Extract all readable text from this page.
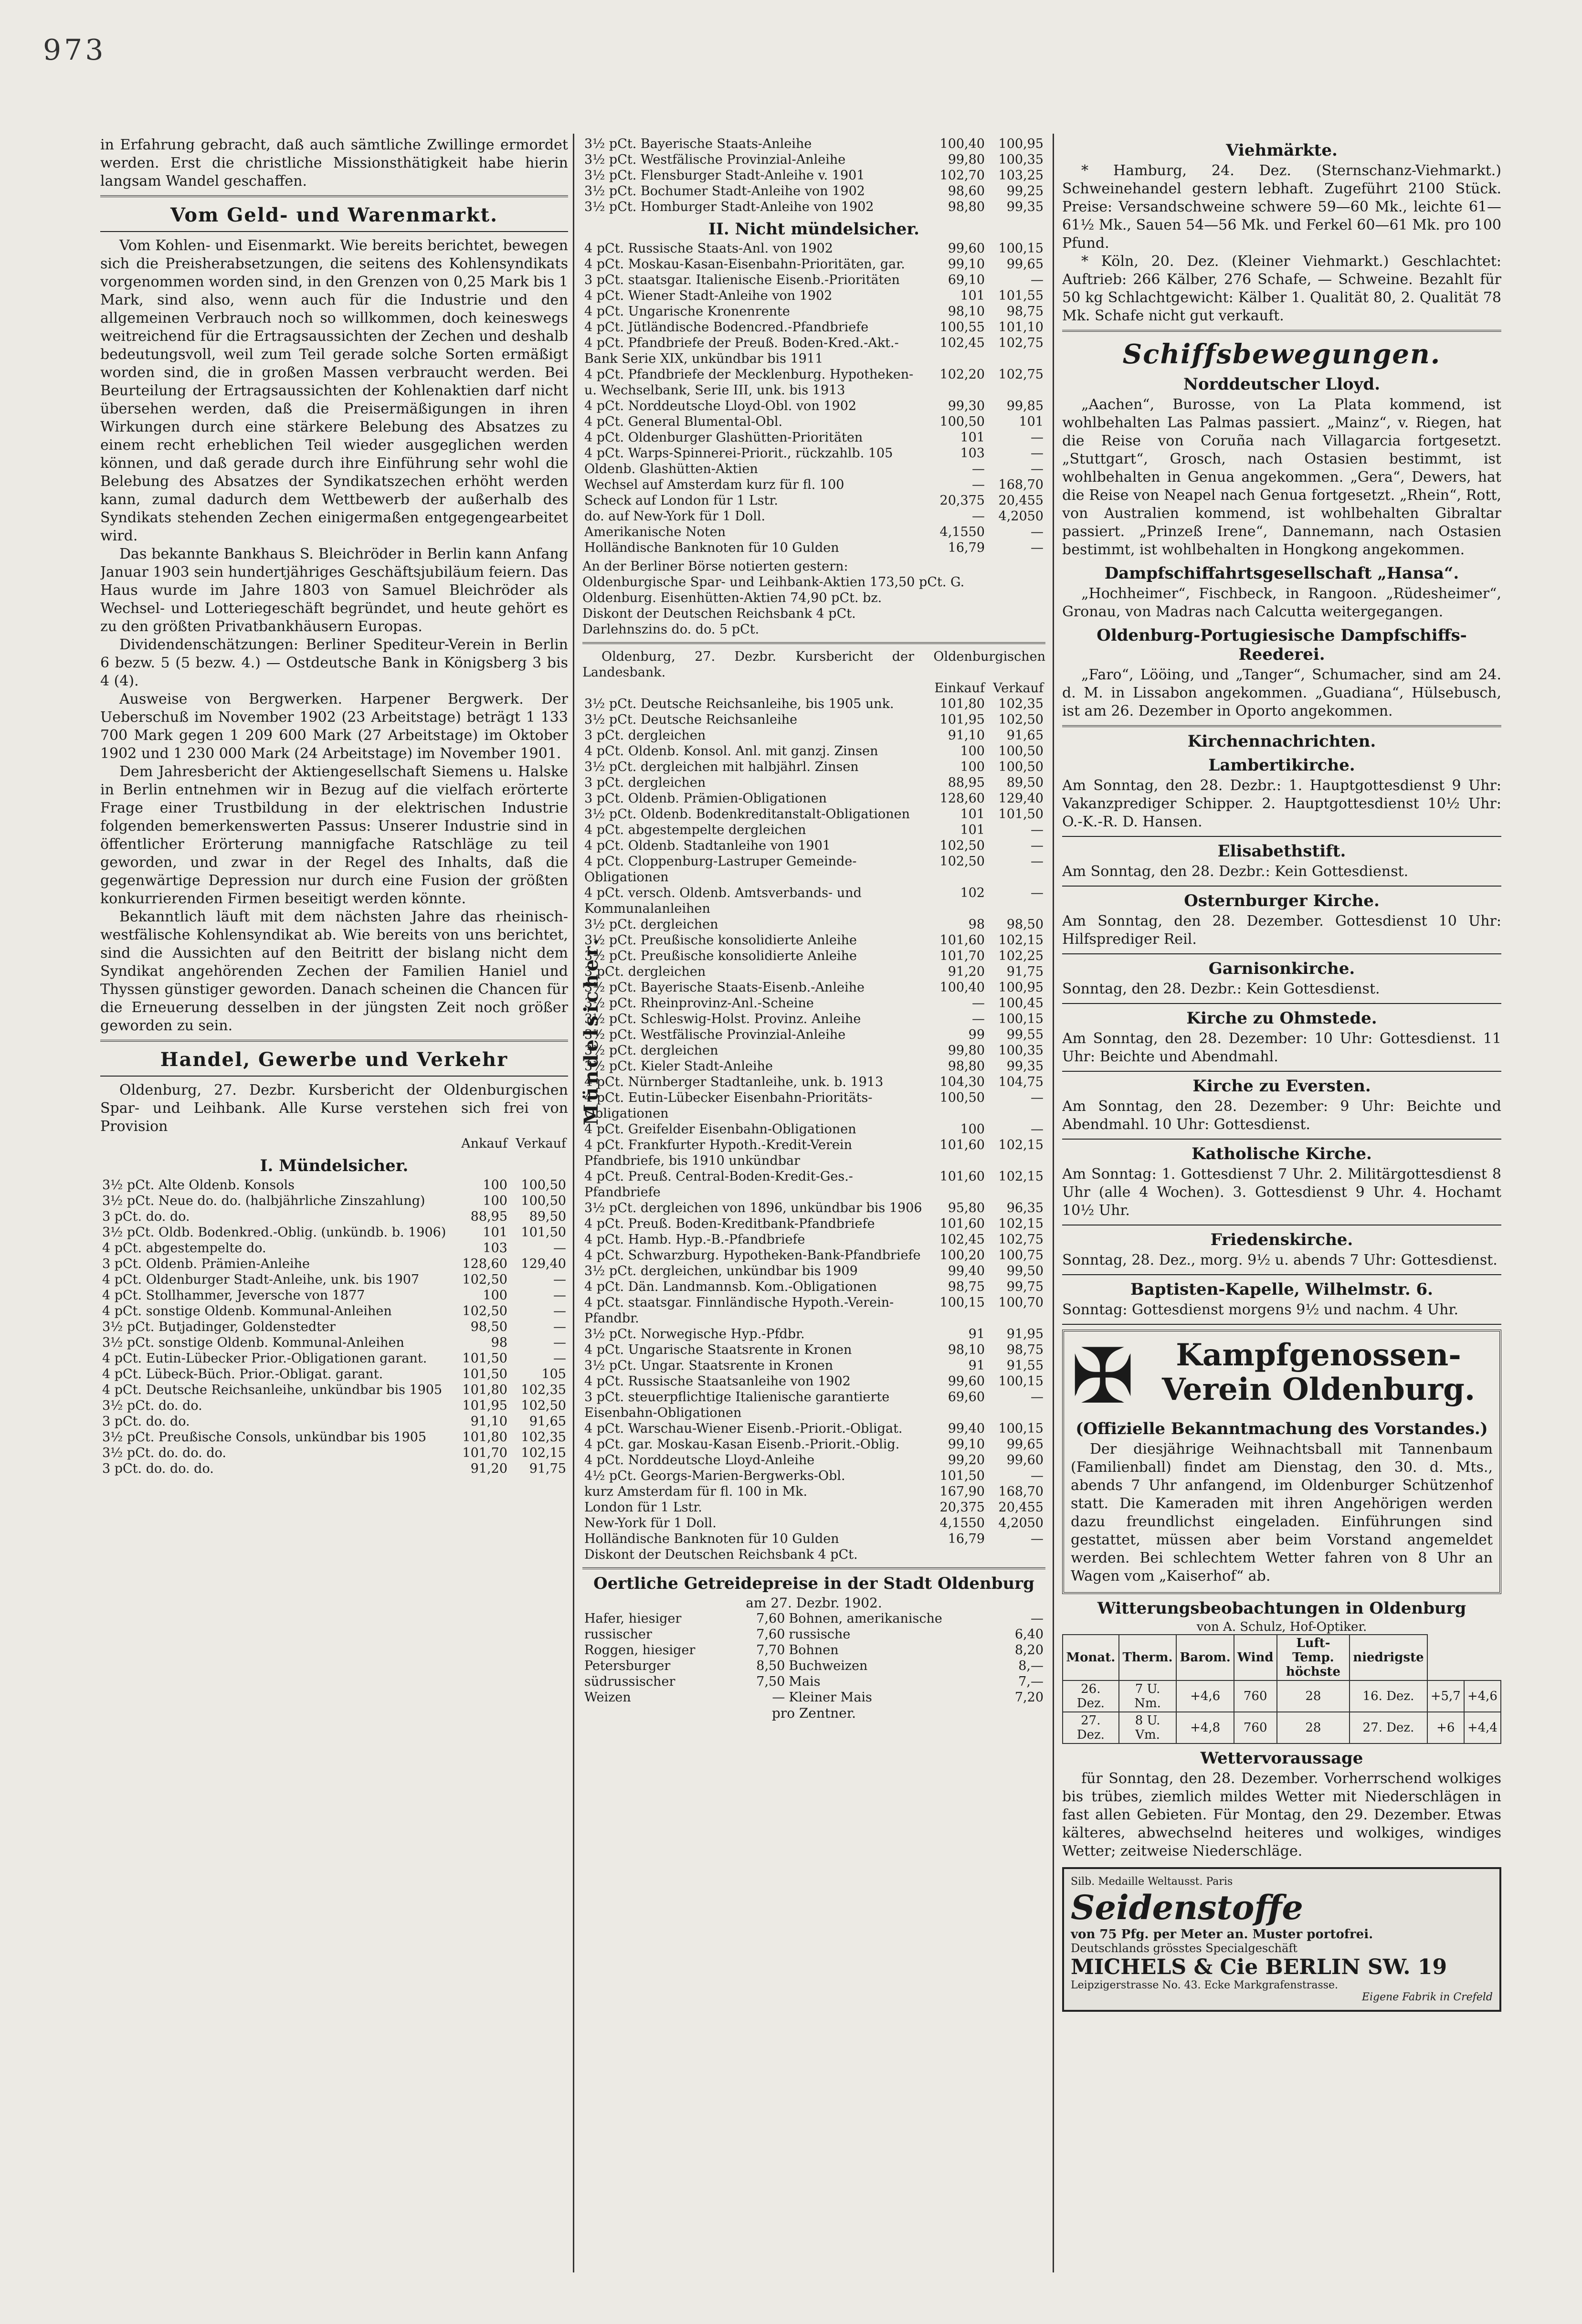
973
Mündelsicher.

in Erfahrung gebracht, daß auch sämtliche Zwillinge ermordet werden. Erst die christliche Missionsthätigkeit habe hierin langsam Wandel geschaffen.

Vom Geld- und Warenmarkt.

Vom Kohlen- und Eisenmarkt. Wie bereits berichtet, bewegen sich die Preisherabsetzungen, die seitens des Kohlensyndikats vorgenommen worden sind, in den Grenzen von 0,25 Mark bis 1 Mark, sind also, wenn auch für die Industrie und den allgemeinen Verbrauch noch so willkommen, doch keineswegs weitreichend für die Ertragsaussichten der Zechen und deshalb bedeutungsvoll, weil zum Teil gerade solche Sorten ermäßigt worden sind, die in großen Massen verbraucht werden. Bei Beurteilung der Ertragsaussichten der Kohlenaktien darf nicht übersehen werden, daß die Preisermäßigungen in ihren Wirkungen durch eine stärkere Belebung des Absatzes zu einem recht erheblichen Teil wieder ausgeglichen werden können, und daß gerade durch ihre Einführung sehr wohl die Belebung des Absatzes der Syndikatszechen erhöht werden kann, zumal dadurch dem Wettbewerb der außerhalb des Syndikats stehenden Zechen einigermaßen entgegengearbeitet wird.

Das bekannte Bankhaus S. Bleichröder in Berlin kann Anfang Januar 1903 sein hundertjähriges Geschäftsjubiläum feiern. Das Haus wurde im Jahre 1803 von Samuel Bleichröder als Wechsel- und Lotteriegeschäft begründet, und heute gehört es zu den größten Privatbankhäusern Europas.

Dividendenschätzungen: Berliner Spediteur-Verein in Berlin 6 bezw. 5 (5 bezw. 4.) — Ostdeutsche Bank in Königsberg 3 bis 4 (4).

Ausweise von Bergwerken. Harpener Bergwerk. Der Ueberschuß im November 1902 (23 Arbeitstage) beträgt 1 133 700 Mark gegen 1 209 600 Mark (27 Arbeitstage) im Oktober 1902 und 1 230 000 Mark (24 Arbeitstage) im November 1901.

Dem Jahresbericht der Aktiengesellschaft Siemens u. Halske in Berlin entnehmen wir in Bezug auf die vielfach erörterte Frage einer Trustbildung in der elektrischen Industrie folgenden bemerkenswerten Passus: Unserer Industrie sind in öffentlicher Erörterung mannigfache Ratschläge zu teil geworden, und zwar in der Regel des Inhalts, daß die gegenwärtige Depression nur durch eine Fusion der größten konkurrierenden Firmen beseitigt werden könnte.

Bekanntlich läuft mit dem nächsten Jahre das rheinisch-westfälische Kohlensyndikat ab. Wie bereits von uns berichtet, sind die Aussichten auf den Beitritt der bislang nicht dem Syndikat angehörenden Zechen der Familien Haniel und Thyssen günstiger geworden. Danach scheinen die Chancen für die Erneuerung desselben in der jüngsten Zeit noch größer geworden zu sein.

Handel, Gewerbe und Verkehr

Oldenburg, 27. Dezbr. Kursbericht der Oldenburgischen Spar- und Leihbank. Alle Kurse verstehen sich frei von Provision

	Ankauf	Verkauf
I. Mündelsicher.
3½ pCt. Alte Oldenb. Konsols	100	100,50
3½ pCt. Neue do. do. (halbjährliche Zinszahlung)	100	100,50
3 pCt. do. do.	88,95	89,50
3½ pCt. Oldb. Bodenkred.-Oblig. (unkündb. b. 1906)	101	101,50
4 pCt. abgestempelte do.	103	—
3 pCt. Oldenb. Prämien-Anleihe	128,60	129,40
4 pCt. Oldenburger Stadt-Anleihe, unk. bis 1907	102,50	—
4 pCt. Stollhammer, Jeversche von 1877	100	—
4 pCt. sonstige Oldenb. Kommunal-Anleihen	102,50	—
3½ pCt. Butjadinger, Goldenstedter	98,50	—
3½ pCt. sonstige Oldenb. Kommunal-Anleihen	98	—
4 pCt. Eutin-Lübecker Prior.-Obligationen garant.	101,50	—
4 pCt. Lübeck-Büch. Prior.-Obligat. garant.	101,50	105
4 pCt. Deutsche Reichsanleihe, unkündbar bis 1905	101,80	102,35
3½ pCt. do. do.	101,95	102,50
3 pCt. do. do.	91,10	91,65
3½ pCt. Preußische Consols, unkündbar bis 1905	101,80	102,35
3½ pCt. do. do. do.	101,70	102,15
3 pCt. do. do. do.	91,20	91,75
3½ pCt. Bayerische Staats-Anleihe	100,40	100,95
3½ pCt. Westfälische Provinzial-Anleihe	99,80	100,35
3½ pCt. Flensburger Stadt-Anleihe v. 1901	102,70	103,25
3½ pCt. Bochumer Stadt-Anleihe von 1902	98,60	99,25
3½ pCt. Homburger Stadt-Anleihe von 1902	98,80	99,35
II. Nicht mündelsicher.
4 pCt. Russische Staats-Anl. von 1902	99,60	100,15
4 pCt. Moskau-Kasan-Eisenbahn-Prioritäten, gar.	99,10	99,65
3 pCt. staatsgar. Italienische Eisenb.-Prioritäten	69,10	—
4 pCt. Wiener Stadt-Anleihe von 1902	101	101,55
4 pCt. Ungarische Kronenrente	98,10	98,75
4 pCt. Jütländische Bodencred.-Pfandbriefe	100,55	101,10
4 pCt. Pfandbriefe der Preuß. Boden-Kred.-Akt.-Bank Serie XIX, unkündbar bis 1911	102,45	102,75
4 pCt. Pfandbriefe der Mecklenburg. Hypotheken- u. Wechselbank, Serie III, unk. bis 1913	102,20	102,75
4 pCt. Norddeutsche Lloyd-Obl. von 1902	99,30	99,85
4 pCt. General Blumental-Obl.	100,50	101
4 pCt. Oldenburger Glashütten-Prioritäten	101	—
4 pCt. Warps-Spinnerei-Priorit., rückzahlb. 105	103	—
Oldenb. Glashütten-Aktien	—	—
Wechsel auf Amsterdam kurz für fl. 100	—	168,70
Scheck auf London für 1 Lstr.	20,375	20,455
do. auf New-York für 1 Doll.	—	4,2050
Amerikanische Noten	4,1550	—
Holländische Banknoten für 10 Gulden	16,79	—
An der Berliner Börse notierten gestern:
Oldenburgische Spar- und Leihbank-Aktien 173,50 pCt. G.
Oldenburg. Eisenhütten-Aktien 74,90 pCt. bz.
Diskont der Deutschen Reichsbank 4 pCt.
Darlehnszins do. do. 5 pCt.

Oldenburg, 27. Dezbr. Kursbericht der Oldenburgischen Landesbank.

	Einkauf	Verkauf
3½ pCt. Deutsche Reichsanleihe, bis 1905 unk.	101,80	102,35
3½ pCt. Deutsche Reichsanleihe	101,95	102,50
3 pCt. dergleichen	91,10	91,65
4 pCt. Oldenb. Konsol. Anl. mit ganzj. Zinsen	100	100,50
3½ pCt. dergleichen mit halbjährl. Zinsen	100	100,50
3 pCt. dergleichen	88,95	89,50
3 pCt. Oldenb. Prämien-Obligationen	128,60	129,40
3½ pCt. Oldenb. Bodenkreditanstalt-Obligationen	101	101,50
4 pCt. abgestempelte dergleichen	101	—
4 pCt. Oldenb. Stadtanleihe von 1901	102,50	—
4 pCt. Cloppenburg-Lastruper Gemeinde-Obligationen	102,50	—
4 pCt. versch. Oldenb. Amtsverbands- und Kommunalanleihen	102	—
3½ pCt. dergleichen	98	98,50
3½ pCt. Preußische konsolidierte Anleihe	101,60	102,15
3½ pCt. Preußische konsolidierte Anleihe	101,70	102,25
3 pCt. dergleichen	91,20	91,75
3½ pCt. Bayerische Staats-Eisenb.-Anleihe	100,40	100,95
3½ pCt. Rheinprovinz-Anl.-Scheine	—	100,45
3½ pCt. Schleswig-Holst. Provinz. Anleihe	—	100,15
3½ pCt. Westfälische Provinzial-Anleihe	99	99,55
3½ pCt. dergleichen	99,80	100,35
3½ pCt. Kieler Stadt-Anleihe	98,80	99,35
4 pCt. Nürnberger Stadtanleihe, unk. b. 1913	104,30	104,75
4 pCt. Eutin-Lübecker Eisenbahn-Prioritäts-Obligationen	100,50	—
4 pCt. Greifelder Eisenbahn-Obligationen	100	—
4 pCt. Frankfurter Hypoth.-Kredit-Verein Pfandbriefe, bis 1910 unkündbar	101,60	102,15
4 pCt. Preuß. Central-Boden-Kredit-Ges.-Pfandbriefe	101,60	102,15
3½ pCt. dergleichen von 1896, unkündbar bis 1906	95,80	96,35
4 pCt. Preuß. Boden-Kreditbank-Pfandbriefe	101,60	102,15
4 pCt. Hamb. Hyp.-B.-Pfandbriefe	102,45	102,75
4 pCt. Schwarzburg. Hypotheken-Bank-Pfandbriefe	100,20	100,75
3½ pCt. dergleichen, unkündbar bis 1909	99,40	99,50
4 pCt. Dän. Landmannsb. Kom.-Obligationen	98,75	99,75
4 pCt. staatsgar. Finnländische Hypoth.-Verein-Pfandbr.	100,15	100,70
3½ pCt. Norwegische Hyp.-Pfdbr.	91	91,95
4 pCt. Ungarische Staatsrente in Kronen	98,10	98,75
3½ pCt. Ungar. Staatsrente in Kronen	91	91,55
4 pCt. Russische Staatsanleihe von 1902	99,60	100,15
3 pCt. steuerpflichtige Italienische garantierte Eisenbahn-Obligationen	69,60	—
4 pCt. Warschau-Wiener Eisenb.-Priorit.-Obligat.	99,40	100,15
4 pCt. gar. Moskau-Kasan Eisenb.-Priorit.-Oblig.	99,10	99,65
4 pCt. Norddeutsche Lloyd-Anleihe	99,20	99,60
4½ pCt. Georgs-Marien-Bergwerks-Obl.	101,50	—
kurz Amsterdam für fl. 100 in Mk.	167,90	168,70
London für 1 Lstr.	20,375	20,455
New-York für 1 Doll.	4,1550	4,2050
Holländische Banknoten für 10 Gulden	16,79	—
Diskont der Deutschen Reichsbank 4 pCt.		
Oertliche Getreidepreise in der Stadt Oldenburg
am 27. Dezbr. 1902.
Hafer, hiesiger	7,60	Bohnen, amerikanische	—
russischer	7,60	russische	6,40
Roggen, hiesiger	7,70	Bohnen	8,20
Petersburger	8,50	Buchweizen	8,—
südrussischer	7,50	Mais	7,—
Weizen	—	Kleiner Mais	7,20
pro Zentner.
Viehmärkte.

* Hamburg, 24. Dez. (Sternschanz-Viehmarkt.) Schweinehandel gestern lebhaft. Zugeführt 2100 Stück. Preise: Versandschweine schwere 59—60 Mk., leichte 61—61½ Mk., Sauen 54—56 Mk. und Ferkel 60—61 Mk. pro 100 Pfund.

* Köln, 20. Dez. (Kleiner Viehmarkt.) Geschlachtet: Auftrieb: 266 Kälber, 276 Schafe, — Schweine. Bezahlt für 50 kg Schlachtgewicht: Kälber 1. Qualität 80, 2. Qualität 78 Mk. Schafe nicht gut verkauft.

Schiffsbewegungen.
Norddeutscher Lloyd.

„Aachen“, Burosse, von La Plata kommend, ist wohlbehalten Las Palmas passiert. „Mainz“, v. Riegen, hat die Reise von Coruña nach Villagarcia fortgesetzt. „Stuttgart“, Grosch, nach Ostasien bestimmt, ist wohlbehalten in Genua angekommen. „Gera“, Dewers, hat die Reise von Neapel nach Genua fortgesetzt. „Rhein“, Rott, von Australien kommend, ist wohlbehalten Gibraltar passiert. „Prinzeß Irene“, Dannemann, nach Ostasien bestimmt, ist wohlbehalten in Hongkong angekommen.

Dampfschiffahrtsgesellschaft „Hansa“.

„Hochheimer“, Fischbeck, in Rangoon. „Rüdesheimer“, Gronau, von Madras nach Calcutta weitergegangen.

Oldenburg-Portugiesische Dampfschiffs-Reederei.

„Faro“, Lööing, und „Tanger“, Schumacher, sind am 24. d. M. in Lissabon angekommen. „Guadiana“, Hülsebusch, ist am 26. Dezember in Oporto angekommen.

Kirchennachrichten.
Lambertikirche.

Am Sonntag, den 28. Dezbr.: 1. Hauptgottesdienst 9 Uhr: Vakanzprediger Schipper. 2. Hauptgottesdienst 10½ Uhr: O.-K.-R. D. Hansen.

Elisabethstift.

Am Sonntag, den 28. Dezbr.: Kein Gottesdienst.

Osternburger Kirche.

Am Sonntag, den 28. Dezember. Gottesdienst 10 Uhr: Hilfsprediger Reil.

Garnisonkirche.

Sonntag, den 28. Dezbr.: Kein Gottesdienst.

Kirche zu Ohmstede.

Am Sonntag, den 28. Dezember: 10 Uhr: Gottesdienst. 11 Uhr: Beichte und Abendmahl.

Kirche zu Eversten.

Am Sonntag, den 28. Dezember: 9 Uhr: Beichte und Abendmahl. 10 Uhr: Gottesdienst.

Katholische Kirche.

Am Sonntag: 1. Gottesdienst 7 Uhr. 2. Militärgottesdienst 8 Uhr (alle 4 Wochen). 3. Gottesdienst 9 Uhr. 4. Hochamt 10½ Uhr.

Friedenskirche.

Sonntag, 28. Dez., morg. 9½ u. abends 7 Uhr: Gottesdienst.

Baptisten-Kapelle, Wilhelmstr. 6.

Sonntag: Gottesdienst morgens 9½ und nachm. 4 Uhr.

✠	Kampfgenossen-Verein Oldenburg.
(Offizielle Bekanntmachung des Vorstandes.)

Der diesjährige Weihnachtsball mit Tannenbaum (Familienball) findet am Dienstag, den 30. d. Mts., abends 7 Uhr anfangend, im Oldenburger Schützenhof statt. Die Kameraden mit ihren Angehörigen werden dazu freundlichst eingeladen. Einführungen sind gestattet, müssen aber beim Vorstand angemeldet werden. Bei schlechtem Wetter fahren von 8 Uhr an Wagen vom „Kaiserhof“ ab.

Witterungsbeobachtungen in Oldenburg
von A. Schulz, Hof-Optiker.
Monat.	Therm.	Barom.	Wind	Luft-Temp. höchste	niedrigste		
26. Dez.	7 U. Nm.	+4,6	760	28	16. Dez.	+5,7	+4,6
27. Dez.	8 U. Vm.	+4,8	760	28	27. Dez.	+6	+4,4
Wettervoraussage

für Sonntag, den 28. Dezember. Vorherrschend wolkiges bis trübes, ziemlich mildes Wetter mit Niederschlägen in fast allen Gebieten. Für Montag, den 29. Dezember. Etwas kälteres, abwechselnd heiteres und wolkiges, windiges Wetter; zeitweise Niederschläge.

Silb. Medaille Weltausst. Paris
Seidenstoffe
von 75 Pfg. per Meter an. Muster portofrei.
Deutschlands grösstes Specialgeschäft
MICHELS & Cie BERLIN SW. 19
Leipzigerstrasse No. 43. Ecke Markgrafenstrasse.
Eigene Fabrik in Crefeld
